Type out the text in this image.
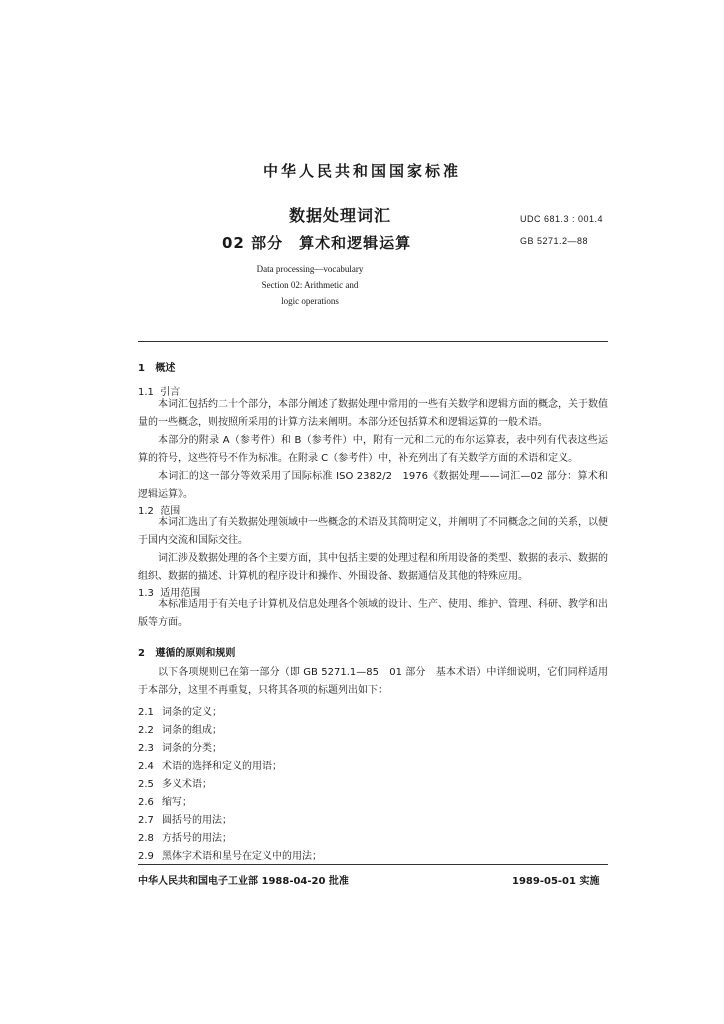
中华人民共和国国家标准
数据处理词汇
02 部分　算术和逻辑运算
UDC 681.3 : 001.4
GB 5271.2—88
Data processing—vocabulary
Section 02: Arithmetic and
logic operations
1 概述
1.1 引言
本词汇包括约二十个部分，本部分阐述了数据处理中常用的一些有关数学和逻辑方面的概念，关于数值量的一些概念，则按照所采用的计算方法来阐明。本部分还包括算术和逻辑运算的一般术语。
本部分的附录 A（参考件）和 B（参考件）中，附有一元和二元的布尔运算表，表中列有代表这些运算的符号，这些符号不作为标准。在附录 C（参考件）中，补充列出了有关数学方面的术语和定义。
本词汇的这一部分等效采用了国际标准 ISO 2382/2　1976《数据处理——词汇—02 部分：算术和逻辑运算》。
1.2 范围
本词汇选出了有关数据处理领域中一些概念的术语及其简明定义，并阐明了不同概念之间的关系，以便于国内交流和国际交往。
词汇涉及数据处理的各个主要方面，其中包括主要的处理过程和所用设备的类型、数据的表示、数据的组织、数据的描述、计算机的程序设计和操作、外围设备、数据通信及其他的特殊应用。
1.3 适用范围
本标准适用于有关电子计算机及信息处理各个领域的设计、生产、使用、维护、管理、科研、教学和出版等方面。
2 遵循的原则和规则
以下各项规则已在第一部分（即 GB 5271.1—85　01 部分　基本术语）中详细说明，它们同样适用于本部分，这里不再重复，只将其各项的标题列出如下：
2.1 词条的定义；
2.2 词条的组成；
2.3 词条的分类；
2.4 术语的选择和定义的用语；
2.5 多义术语；
2.6 缩写；
2.7 圆括号的用法；
2.8 方括号的用法；
2.9 黑体字术语和星号在定义中的用法；
中华人民共和国电子工业部 1988-04-20 批准	1989-05-01 实施
